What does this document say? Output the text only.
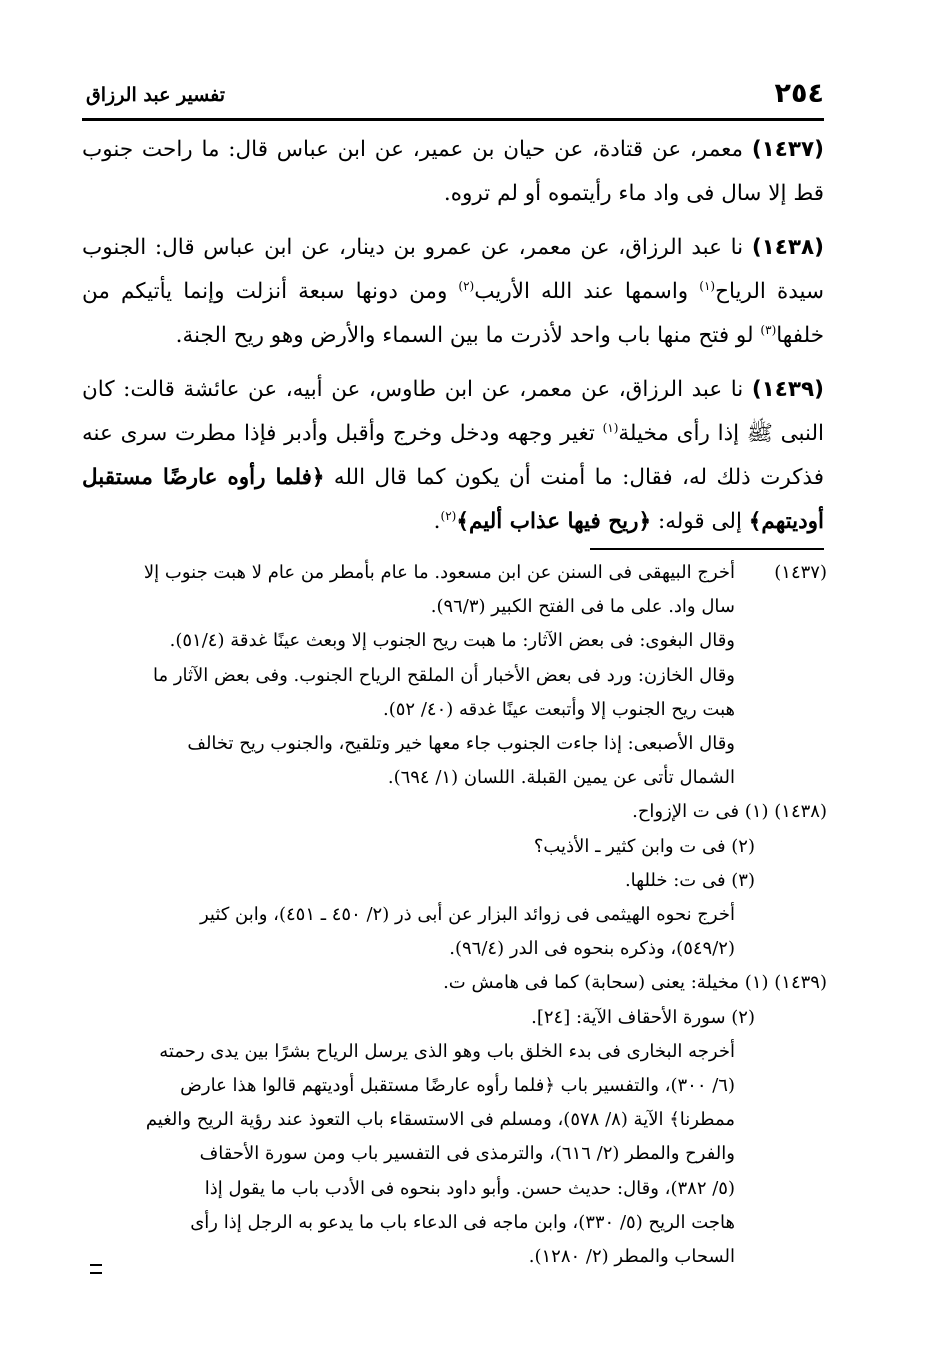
٢٥٤
تفسير عبد الرزاق

(١٤٣٧) معمر، عن قتادة، عن حيان بن عمير، عن ابن عباس قال: ما راحت جنوب قط إلا سال فى واد ماء رأيتموه أو لم تروه.

(١٤٣٨) نا عبد الرزاق، عن معمر، عن عمرو بن دينار، عن ابن عباس قال: الجنوب سيدة الرياح$^{(١)}$ واسمها عند الله الأريب$^{(٢)}$ ومن دونها سبعة أنزلت وإنما يأتيكم من خلفها$^{(٣)}$ لو فتح منها باب واحد لأذرت ما بين السماء والأرض وهو ريح الجنة.

(١٤٣٩) نا عبد الرزاق، عن معمر، عن ابن طاوس، عن أبيه، عن عائشة قالت: كان النبى ﷺ إذا رأى مخيلة$^{(١)}$ تغير وجهه ودخل وخرج وأقبل وأدبر فإذا مطرت سرى عنه فذكرت ذلك له، فقال: ما أمنت أن يكون كما قال الله ﴿فلما رأوه عارضًا مستقبل أوديتهم﴾ إلى قوله: ﴿ريح فيها عذاب أليم﴾$^{(٢)}$.

(١٤٣٧)
أخرج البيهقى فى السنن عن ابن مسعود. ما عام بأمطر من عام لا هبت جنوب إلا
سال واد. على ما فى الفتح الكبير (٩٦/٣).
وقال البغوى: فى بعض الآثار: ما هبت ريح الجنوب إلا وبعث عينًا غدقة (٥١/٤).
وقال الخازن: ورد فى بعض الأخبار أن الملقح الرياح الجنوب. وفى بعض الآثار ما
هبت ريح الجنوب إلا وأتبعت عينًا غدقه (٤٠/ ٥٢).
وقال الأصبعى: إذا جاءت الجنوب جاء معها خير وتلقيح، والجنوب ريح تخالف
الشمال تأتى عن يمين القبلة. اللسان (١/ ٦٩٤).
(١٤٣٨) (١) فى ت الإزواح.
(٢) فى ت وابن كثير ـ الأذيب؟
(٣) فى ت: خللها.
أخرج نحوه الهيثمى فى زوائد البزار عن أبى ذر (٢/ ٤٥٠ ـ ٤٥١)، وابن كثير
(٥٤٩/٢)، وذكره بنحوه فى الدر (٩٦/٤).
(١٤٣٩) (١) مخيلة: يعنى (سحابة) كما فى هامش ت.
(٢) سورة الأحقاف الآية: [٢٤].
أخرجه البخارى فى بدء الخلق باب وهو الذى يرسل الرياح بشرًا بين يدى رحمته
(٦/ ٣٠٠)، والتفسير باب ﴿فلما رأوه عارضًا مستقبل أوديتهم قالوا هذا عارض
ممطرنا﴾ الآية (٨/ ٥٧٨)، ومسلم فى الاستسقاء باب التعوذ عند رؤية الريح والغيم
والفرح والمطر (٢/ ٦١٦)، والترمذى فى التفسير باب ومن سورة الأحقاف
(٥/ ٣٨٢)، وقال: حديث حسن. وأبو داود بنحوه فى الأدب باب ما يقول إذا
هاجت الريح (٥/ ٣٣٠)، وابن ماجه فى الدعاء باب ما يدعو به الرجل إذا رأى
السحاب والمطر (٢/ ١٢٨٠).
